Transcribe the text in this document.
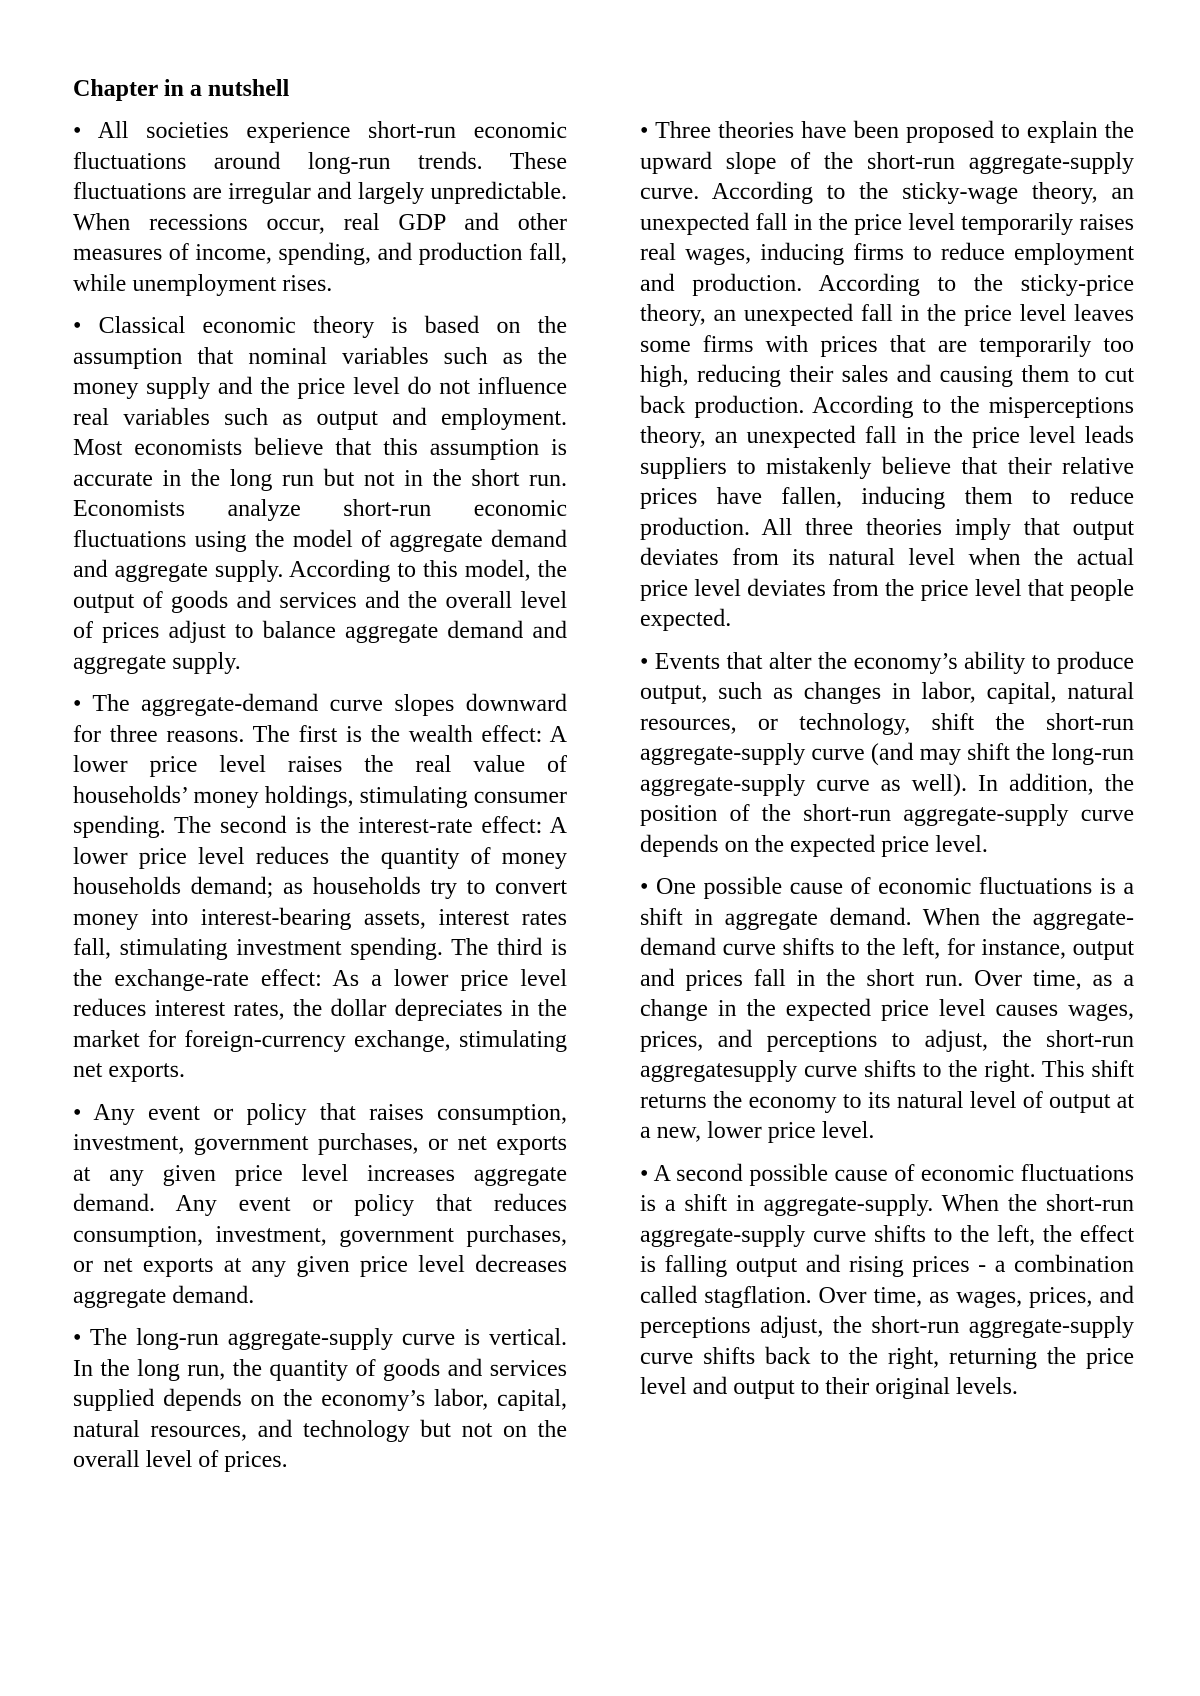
Chapter in a nutshell

• All societies experience short-run economic fluctuations around long-run trends. These fluctuations are irregular and largely unpredictable. When recessions occur, real GDP and other measures of income, spending, and production fall, while unemployment rises.

• Classical economic theory is based on the assumption that nominal variables such as the money supply and the price level do not influence real variables such as output and employment. Most economists believe that this assumption is accurate in the long run but not in the short run. Economists analyze short-run economic fluctuations using the model of aggregate demand and aggregate supply. According to this model, the output of goods and services and the overall level of prices adjust to balance aggregate demand and aggregate supply.

• The aggregate-demand curve slopes downward for three reasons. The first is the wealth effect: A lower price level raises the real value of households’ money holdings, stimulating consumer spending. The second is the interest-rate effect: A lower price level reduces the quantity of money households demand; as households try to convert money into interest-bearing assets, interest rates fall, stimulating investment spending. The third is the exchange-rate effect: As a lower price level reduces interest rates, the dollar depreciates in the market for foreign-currency exchange, stimulating net exports.

• Any event or policy that raises consumption, investment, government purchases, or net exports at any given price level increases aggregate demand. Any event or policy that reduces consumption, investment, government purchases, or net exports at any given price level decreases aggregate demand.

• The long-run aggregate-supply curve is vertical. In the long run, the quantity of goods and services supplied depends on the economy’s labor, capital, natural resources, and technology but not on the overall level of prices.

• Three theories have been proposed to explain the upward slope of the short-run aggregate-supply curve. According to the sticky-wage theory, an unexpected fall in the price level temporarily raises real wages, inducing firms to reduce employment and production. According to the sticky-price theory, an unexpected fall in the price level leaves some firms with prices that are temporarily too high, reducing their sales and causing them to cut back production. According to the misperceptions theory, an unexpected fall in the price level leads suppliers to mistakenly believe that their relative prices have fallen, inducing them to reduce production. All three theories imply that output deviates from its natural level when the actual price level deviates from the price level that people expected.

• Events that alter the economy’s ability to produce output, such as changes in labor, capital, natural resources, or technology, shift the short-run aggregate-supply curve (and may shift the long-run aggregate-supply curve as well). In addition, the position of the short-run aggregate-supply curve depends on the expected price level.

• One possible cause of economic fluctuations is a shift in aggregate demand. When the aggregate-demand curve shifts to the left, for instance, output and prices fall in the short run. Over time, as a change in the expected price level causes wages, prices, and perceptions to adjust, the short-run aggregatesupply curve shifts to the right. This shift returns the economy to its natural level of output at a new, lower price level.

• A second possible cause of economic fluctuations is a shift in aggregate-supply. When the short-run aggregate-supply curve shifts to the left, the effect is falling output and rising prices - a combination called stagflation. Over time, as wages, prices, and perceptions adjust, the short-run aggregate-supply curve shifts back to the right, returning the price level and output to their original levels.
